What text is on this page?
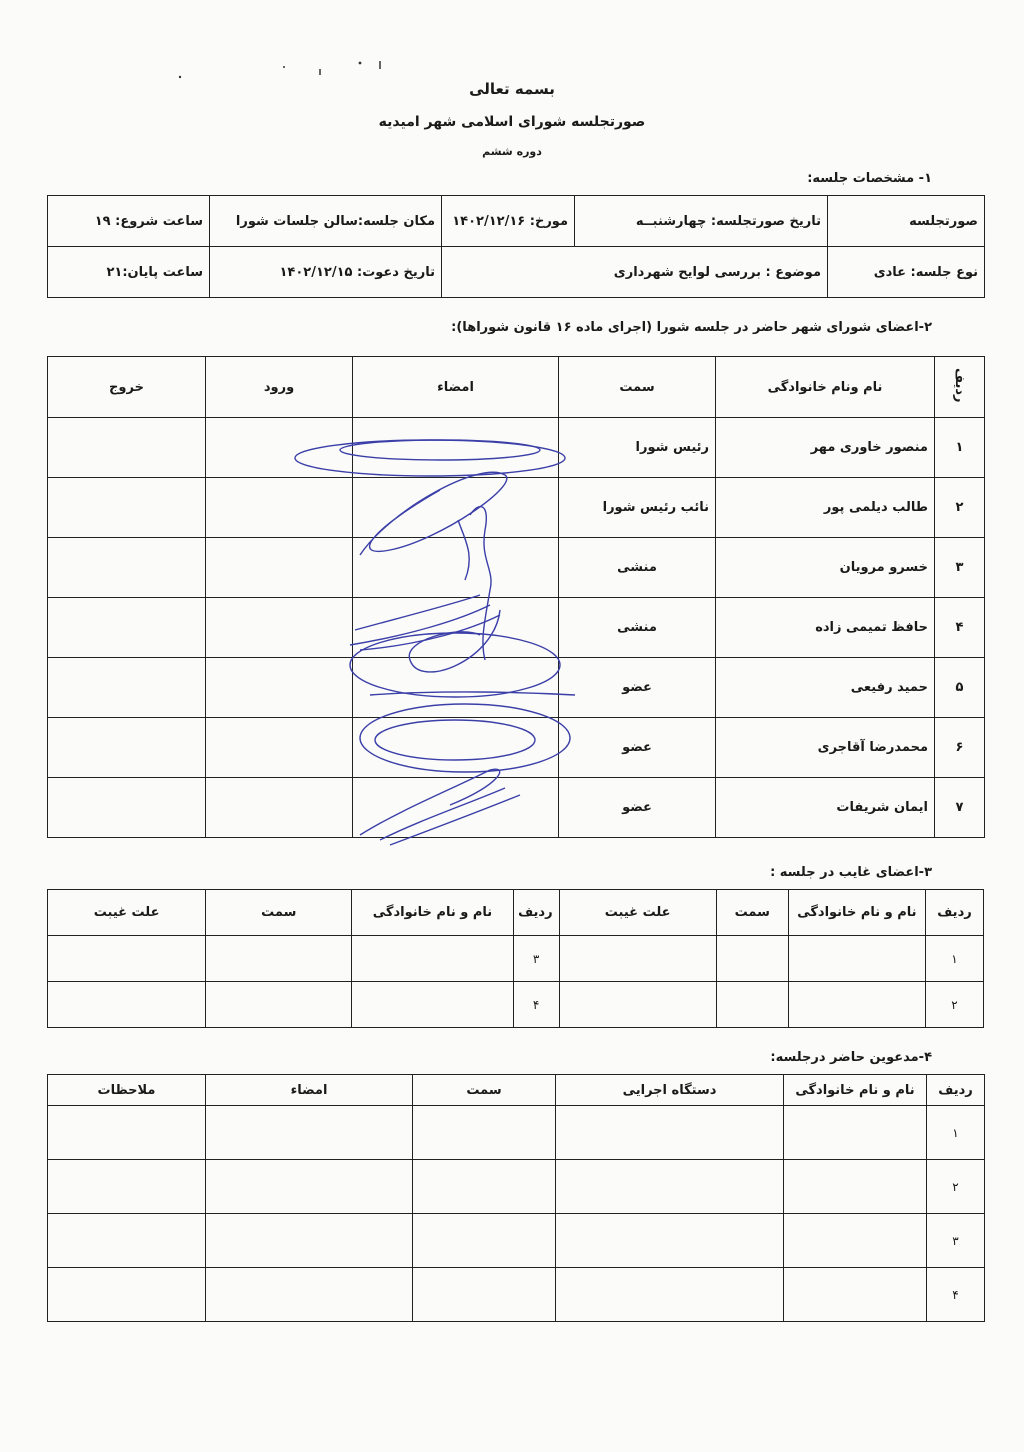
بسمه تعالی
صورتجلسه شورای اسلامی شهر امیدیه
دوره ششم
۱- مشخصات جلسه:
صورتجلسه	تاریخ صورتجلسه: چهارشنبــه	مورخ: ۱۴۰۲/۱۲/۱۶	مکان جلسه:سالن جلسات شورا	ساعت شروع: ۱۹
نوع جلسه: عادی	موضوع : بررسی لوایح شهرداری		تاریخ دعوت: ۱۴۰۲/۱۲/۱۵	ساعت پایان:۲۱
۲-اعضای شورای شهر حاضر در جلسه شورا (اجرای ماده ۱۶ قانون شوراها):
ردیف	نام ونام خانوادگی	سمت	امضاء	ورود	خروج
۱	منصور خاوری مهر	رئیس شورا			
۲	طالب دیلمی پور	نائب رئیس شورا			
۳	خسرو مرویان	منشی			
۴	حافظ تمیمی زاده	منشی			
۵	حمید رفیعی	عضو			
۶	محمدرضا آقاجری	عضو			
۷	ایمان شریفات	عضو			
۳-اعضای غایب در جلسه :
ردیف	نام و نام خانوادگی	سمت	علت غیبت	ردیف	نام و نام خانوادگی	سمت	علت غیبت
۱				۳			
۲				۴			
۴-مدعوین حاضر درجلسه:
ردیف	نام و نام خانوادگی	دستگاه اجرایی	سمت	امضاء	ملاحظات
۱					
۲					
۳					
۴					
